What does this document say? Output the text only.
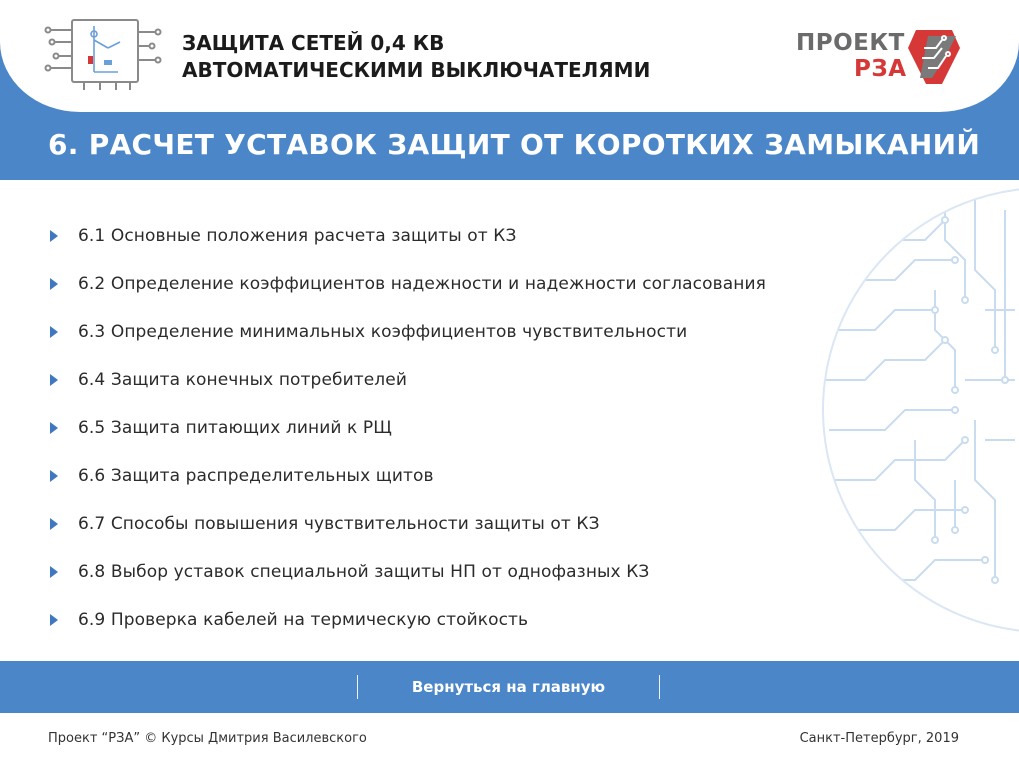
ЗАЩИТА СЕТЕЙ 0,4 КВ
АВТОМАТИЧЕСКИМИ ВЫКЛЮЧАТЕЛЯМИ
ПРОЕКТ
РЗА
6. РАСЧЕТ УСТАВОК ЗАЩИТ ОТ КОРОТКИХ ЗАМЫКАНИЙ
6.1 Основные положения расчета защиты от КЗ
6.2 Определение коэффициентов надежности и надежности согласования
6.3 Определение минимальных коэффициентов чувствительности
6.4 Защита конечных потребителей
6.5 Защита питающих линий к РЩ
6.6 Защита распределительных щитов
6.7 Способы повышения чувствительности защиты от КЗ
6.8 Выбор уставок специальной защиты НП от однофазных КЗ
6.9 Проверка кабелей на термическую стойкость
Вернуться на главную
Проект “РЗА” © Курсы Дмитрия Василевского	Санкт-Петербург, 2019
